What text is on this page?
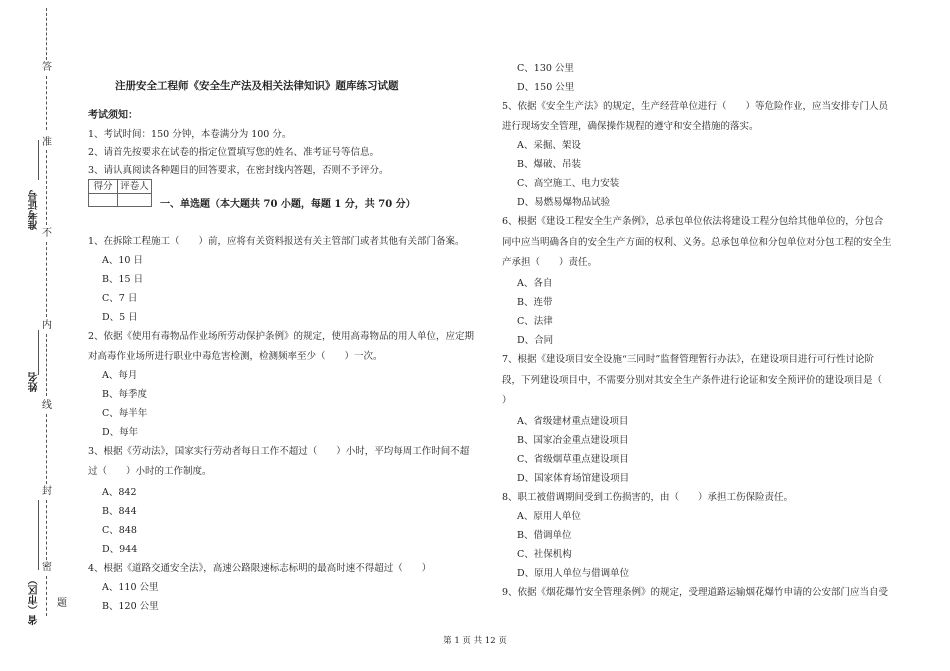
答
准
准考证号
不
内
姓名
线
封
密
省（市区） 题
注册安全工程师《安全生产法及相关法律知识》题库练习试题
考试须知：
1、考试时间：150 分钟，本卷满分为 100 分。
2、请首先按要求在试卷的指定位置填写您的姓名、准考证号等信息。
3、请认真阅读各种题目的回答要求，在密封线内答题，否则不予评分。
得分 评卷人
一、单选题（本大题共 70 小题，每题 1 分，共 70 分）
1、在拆除工程施工（　　）前，应将有关资料报送有关主管部门或者其他有关部门备案。
A、10 日
B、15 日
C、7 日
D、5 日
2、依据《使用有毒物品作业场所劳动保护条例》的规定，使用高毒物品的用人单位，应定期
对高毒作业场所进行职业中毒危害检测，检测频率至少（　　）一次。
A、每月
B、每季度
C、每半年
D、每年
3、根据《劳动法》，国家实行劳动者每日工作不超过（　　）小时，平均每周工作时间不超
过（　　）小时的工作制度。
A、842
B、844
C、848
D、944
4、根据《道路交通安全法》，高速公路限速标志标明的最高时速不得超过（　　）
A、110 公里
B、120 公里
C、130 公里
D、150 公里
5、依据《安全生产法》的规定，生产经营单位进行（　　）等危险作业，应当安排专门人员
进行现场安全管理，确保操作规程的遵守和安全措施的落实。
A、采掘、架设
B、爆破、吊装
C、高空施工、电力安装
D、易燃易爆物品试验
6、根据《建设工程安全生产条例》，总承包单位依法将建设工程分包给其他单位的，分包合
同中应当明确各自的安全生产方面的权利、义务。总承包单位和分包单位对分包工程的安全生
产承担（　　）责任。
A、各自
B、连带
C、法律
D、合同
7、根据《建设项目安全设施“三同时”监督管理暂行办法》，在建设项目进行可行性讨论阶
段，下列建设项目中，不需要分别对其安全生产条件进行论证和安全预评价的建设项目是（
）
A、省级建材重点建设项目
B、国家冶金重点建设项目
C、省级烟草重点建设项目
D、国家体育场馆建设项目
8、职工被借调期间受到工伤损害的，由（　　）承担工伤保险责任。
A、原用人单位
B、借调单位
C、社保机构
D、原用人单位与借调单位
9、依据《烟花爆竹安全管理条例》的规定，受理道路运输烟花爆竹申请的公安部门应当自受
第 1 页 共 12 页
